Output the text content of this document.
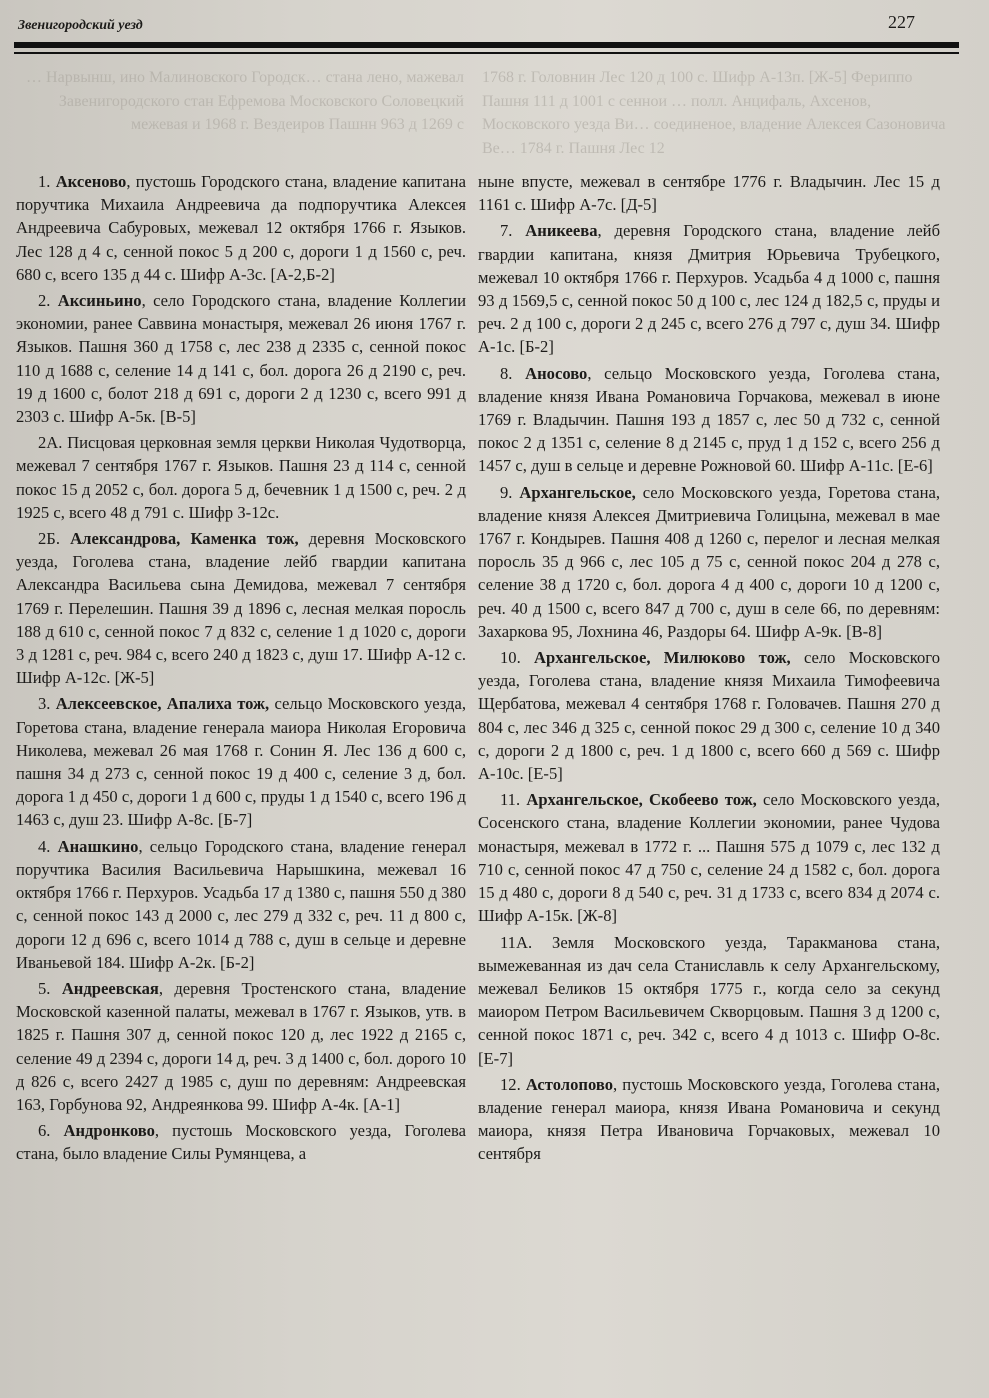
Звенигородский уезд	227
… Нарвынш, ино Малиновского Городск… стана лено, мажевал Завенигородского стан Ефремова Московского Соловецкий межевая и 1968 г. Вездеиров Пашнн 963 д 1269 с
1768 г. Головнин Лес 120 д 100 с. Шифр А-13п. [Ж-5] Фериппо Пашня 111 д 1001 с сеннои … полл. Анцифаль, Ахсенов, Московского уезда Ви… соединеное, владение Алексея Сазоновича Ве… 1784 г. Пашня Лес 12

1. Аксеново, пустошь Городского стана, владение капитана поручтика Михаила Андреевича да подпоручтика Алексея Андреевича Сабуровых, межевал 12 октября 1766 г. Языков. Лес 128 д 4 с, сенной покос 5 д 200 с, дороги 1 д 1560 с, реч. 680 с, всего 135 д 44 с. Шифр А-3с. [А-2,Б-2]

2. Аксиньино, село Городского стана, владение Коллегии экономии, ранее Саввина монастыря, межевал 26 июня 1767 г. Языков. Пашня 360 д 1758 с, лес 238 д 2335 с, сенной покос 110 д 1688 с, селение 14 д 141 с, бол. дорога 26 д 2190 с, реч. 19 д 1600 с, болот 218 д 691 с, дороги 2 д 1230 с, всего 991 д 2303 с. Шифр А-5к. [В-5]

2А. Писцовая церковная земля церкви Николая Чудотворца, межевал 7 сентября 1767 г. Языков. Пашня 23 д 114 с, сенной покос 15 д 2052 с, бол. дорога 5 д, бечевник 1 д 1500 с, реч. 2 д 1925 с, всего 48 д 791 с. Шифр З-12с.

2Б. Александрова, Каменка тож, деревня Московского уезда, Гоголева стана, владение лейб гвардии капитана Александра Васильева сына Демидова, межевал 7 сентября 1769 г. Перелешин. Пашня 39 д 1896 с, лесная мелкая поросль 188 д 610 с, сенной покос 7 д 832 с, селение 1 д 1020 с, дороги 3 д 1281 с, реч. 984 с, всего 240 д 1823 с, душ 17. Шифр А-12 с. Шифр А-12с. [Ж-5]

3. Алексеевское, Апалиха тож, сельцо Московского уезда, Горетова стана, владение генерала маиора Николая Егоровича Николева, межевал 26 мая 1768 г. Сонин Я. Лес 136 д 600 с, пашня 34 д 273 с, сенной покос 19 д 400 с, селение 3 д, бол. дорога 1 д 450 с, дороги 1 д 600 с, пруды 1 д 1540 с, всего 196 д 1463 с, душ 23. Шифр А-8с. [Б-7]

4. Анашкино, сельцо Городского стана, владение генерал поручтика Василия Васильевича Нарышкина, межевал 16 октября 1766 г. Перхуров. Усадьба 17 д 1380 с, пашня 550 д 380 с, сенной покос 143 д 2000 с, лес 279 д 332 с, реч. 11 д 800 с, дороги 12 д 696 с, всего 1014 д 788 с, душ в сельце и деревне Иваньевой 184. Шифр А-2к. [Б-2]

5. Андреевская, деревня Тростенского стана, владение Московской казенной палаты, межевал в 1767 г. Языков, утв. в 1825 г. Пашня 307 д, сенной покос 120 д, лес 1922 д 2165 с, селение 49 д 2394 с, дороги 14 д, реч. 3 д 1400 с, бол. дорого 10 д 826 с, всего 2427 д 1985 с, душ по деревням: Андреевская 163, Горбунова 92, Андреянкова 99. Шифр А-4к. [А-1]

6. Андронково, пустошь Московского уезда, Гоголева стана, было владение Силы Румянцева, а

ныне впусте, межевал в сентябре 1776 г. Владычин. Лес 15 д 1161 с. Шифр А-7с. [Д-5]

7. Аникеева, деревня Городского стана, владение лейб гвардии капитана, князя Дмитрия Юрьевича Трубецкого, межевал 10 октября 1766 г. Перхуров. Усадьба 4 д 1000 с, пашня 93 д 1569,5 с, сенной покос 50 д 100 с, лес 124 д 182,5 с, пруды и реч. 2 д 100 с, дороги 2 д 245 с, всего 276 д 797 с, душ 34. Шифр А-1с. [Б-2]

8. Аносово, сельцо Московского уезда, Гоголева стана, владение князя Ивана Романовича Горчакова, межевал в июне 1769 г. Владычин. Пашня 193 д 1857 с, лес 50 д 732 с, сенной покос 2 д 1351 с, селение 8 д 2145 с, пруд 1 д 152 с, всего 256 д 1457 с, душ в сельце и деревне Рожновой 60. Шифр А-11с. [Е-6]

9. Архангельское, село Московского уезда, Горетова стана, владение князя Алексея Дмитриевича Голицына, межевал в мае 1767 г. Кондырев. Пашня 408 д 1260 с, перелог и лесная мелкая поросль 35 д 966 с, лес 105 д 75 с, сенной покос 204 д 278 с, селение 38 д 1720 с, бол. дорога 4 д 400 с, дороги 10 д 1200 с, реч. 40 д 1500 с, всего 847 д 700 с, душ в селе 66, по деревням: Захаркова 95, Лохнина 46, Раздоры 64. Шифр А-9к. [В-8]

10. Архангельское, Милюково тож, село Московского уезда, Гоголева стана, владение князя Михаила Тимофеевича Щербатова, межевал 4 сентября 1768 г. Головачев. Пашня 270 д 804 с, лес 346 д 325 с, сенной покос 29 д 300 с, селение 10 д 340 с, дороги 2 д 1800 с, реч. 1 д 1800 с, всего 660 д 569 с. Шифр А-10с. [Е-5]

11. Архангельское, Скобеево тож, село Московского уезда, Сосенского стана, владение Коллегии экономии, ранее Чудова монастыря, межевал в 1772 г. ... Пашня 575 д 1079 с, лес 132 д 710 с, сенной покос 47 д 750 с, селение 24 д 1582 с, бол. дорога 15 д 480 с, дороги 8 д 540 с, реч. 31 д 1733 с, всего 834 д 2074 с. Шифр А-15к. [Ж-8]

11А. Земля Московского уезда, Таракманова стана, вымежеванная из дач села Станиславль к селу Архангельскому, межевал Беликов 15 октября 1775 г., когда село за секунд маиором Петром Васильевичем Скворцовым. Пашня 3 д 1200 с, сенной покос 1871 с, реч. 342 с, всего 4 д 1013 с. Шифр О-8с. [Е-7]

12. Астолопово, пустошь Московского уезда, Гоголева стана, владение генерал маиора, князя Ивана Романовича и секунд маиора, князя Петра Ивановича Горчаковых, межевал 10 сентября
